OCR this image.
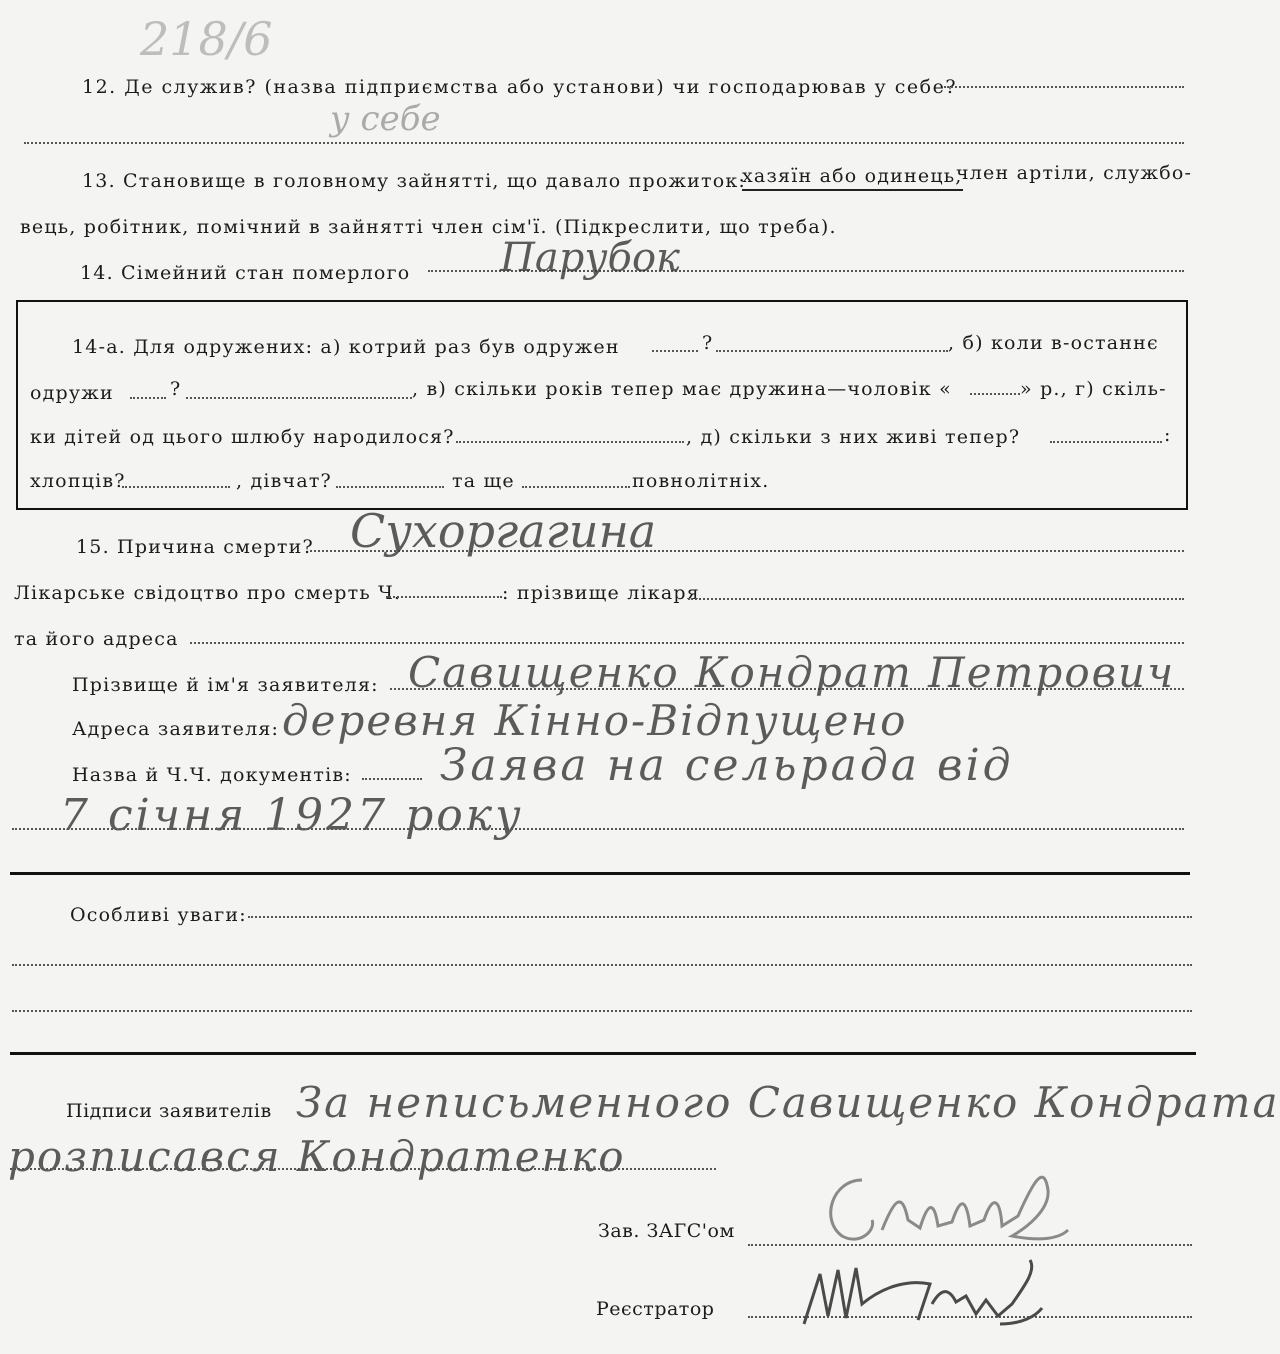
218/6
12. Де служив? (назва підприємства або установи) чи господарював у себе?
у себе
13. Становище в головному зайнятті, що давало прожиток:
хазяїн або одинець,
член артіли, службо-
вець, робітник, помічний в зайнятті член сім'ї. (Підкреслити, що треба).
14. Сімейний стан померлого Парубок
14-а. Для одружених: а) котрий раз був одружен	?	, б) коли в-останнє
одружи	?	, в) скільки років тепер має дружина—чоловік «	» р., г) скіль-
ки дітей од цього шлюбу народилося?	, д) скільки з них живі тепер?	:
хлопців?	, дівчат?	та ще	повнолітніх.
15. Причина смерти? Сухоргагина
Лікарське свідоцтво про смерть Ч.	: прізвище лікаря
та його адреса
Прізвище й ім'я заявителя: Савищенко Кондрат Петрович
Адреса заявителя: деревня Кінно-Відпущено
Назва й Ч.Ч. документів: Заява на сельрада від
7 січня 1927 року
Особливі уваги:
Підписи заявителів За неписьменного Савищенко Кондрата
розписався Кондратенко
Зав. ЗАГС'ом
Реєстратор
